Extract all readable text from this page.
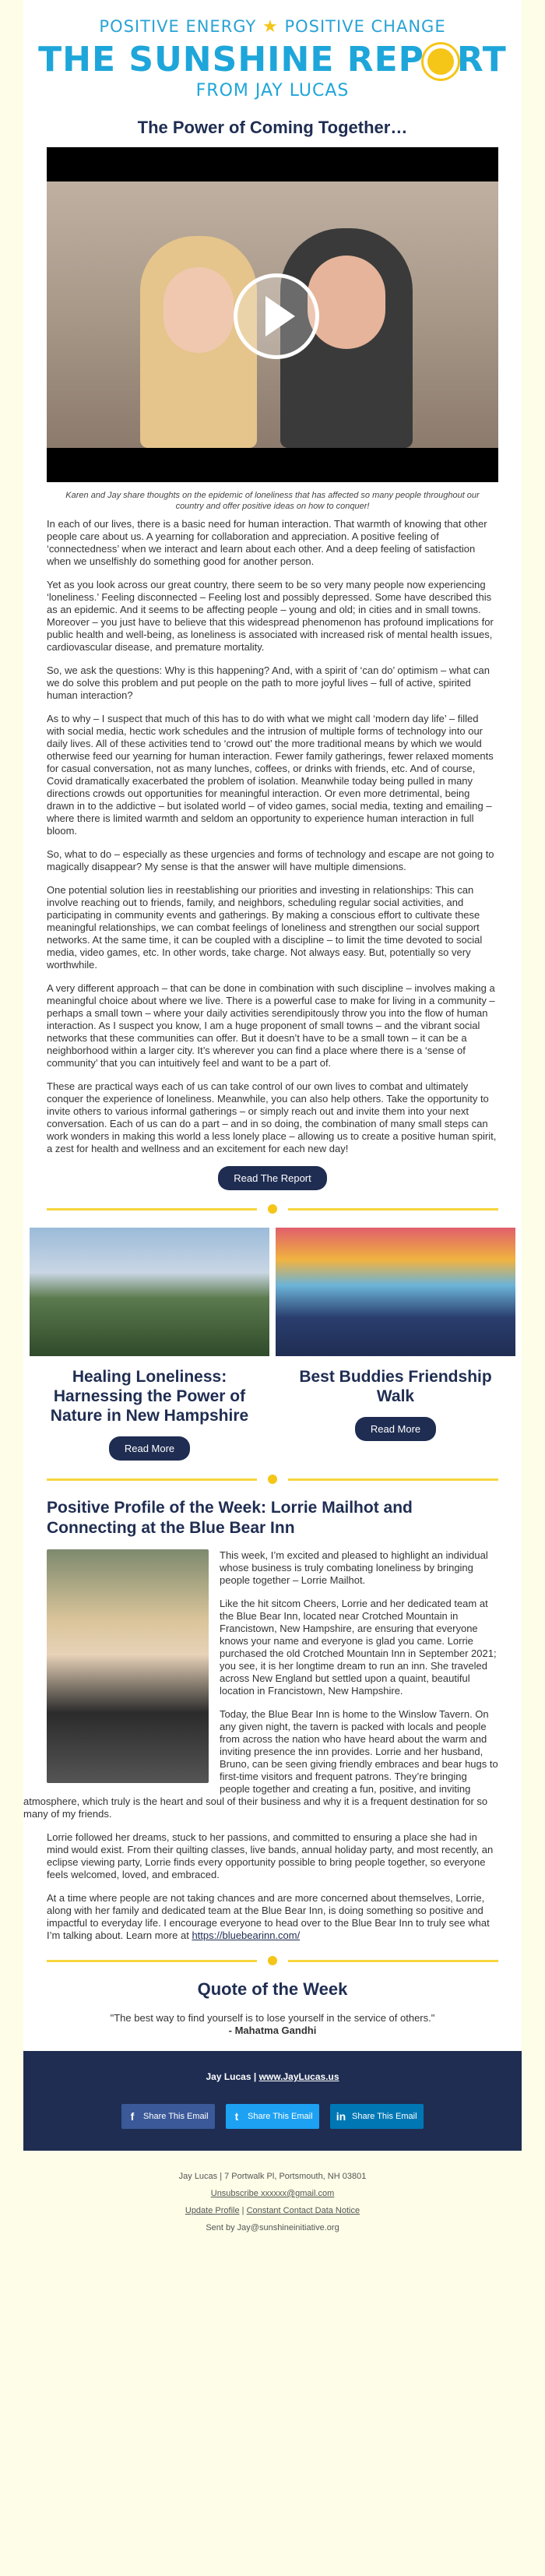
POSITIVE ENERGY ★ POSITIVE CHANGE
THE SUNSHINE REP RT
FROM JAY LUCAS
The Power of Coming Together…
Karen and Jay share thoughts on the epidemic of loneliness that has affected so many people throughout our country and offer positive ideas on how to conquer!

In each of our lives, there is a basic need for human interaction. That warmth of knowing that other people care about us. A yearning for collaboration and appreciation. A positive feeling of ‘connectedness’ when we interact and learn about each other. And a deep feeling of satisfaction when we unselfishly do something good for another person.

Yet as you look across our great country, there seem to be so very many people now experiencing ‘loneliness.’ Feeling disconnected – Feeling lost and possibly depressed. Some have described this as an epidemic. And it seems to be affecting people – young and old; in cities and in small towns. Moreover – you just have to believe that this widespread phenomenon has profound implications for public health and well-being, as loneliness is associated with increased risk of mental health issues, cardiovascular disease, and premature mortality.

So, we ask the questions: Why is this happening? And, with a spirit of ‘can do’ optimism – what can we do solve this problem and put people on the path to more joyful lives – full of active, spirited human interaction?

As to why – I suspect that much of this has to do with what we might call ‘modern day life’ – filled with social media, hectic work schedules and the intrusion of multiple forms of technology into our daily lives. All of these activities tend to ‘crowd out’ the more traditional means by which we would otherwise feed our yearning for human interaction. Fewer family gatherings, fewer relaxed moments for casual conversation, not as many lunches, coffees, or drinks with friends, etc. And of course, Covid dramatically exacerbated the problem of isolation. Meanwhile today being pulled in many directions crowds out opportunities for meaningful interaction. Or even more detrimental, being drawn in to the addictive – but isolated world – of video games, social media, texting and emailing – where there is limited warmth and seldom an opportunity to experience human interaction in full bloom.

So, what to do – especially as these urgencies and forms of technology and escape are not going to magically disappear? My sense is that the answer will have multiple dimensions.

One potential solution lies in reestablishing our priorities and investing in relationships: This can involve reaching out to friends, family, and neighbors, scheduling regular social activities, and participating in community events and gatherings. By making a conscious effort to cultivate these meaningful relationships, we can combat feelings of loneliness and strengthen our social support networks. At the same time, it can be coupled with a discipline – to limit the time devoted to social media, video games, etc. In other words, take charge. Not always easy. But, potentially so very worthwhile.

A very different approach – that can be done in combination with such discipline – involves making a meaningful choice about where we live. There is a powerful case to make for living in a community – perhaps a small town – where your daily activities serendipitously throw you into the flow of human interaction. As I suspect you know, I am a huge proponent of small towns – and the vibrant social networks that these communities can offer. But it doesn’t have to be a small town – it can be a neighborhood within a larger city. It’s wherever you can find a place where there is a ‘sense of community’ that you can intuitively feel and want to be a part of.

These are practical ways each of us can take control of our own lives to combat and ultimately conquer the experience of loneliness. Meanwhile, you can also help others. Take the opportunity to invite others to various informal gatherings – or simply reach out and invite them into your next conversation. Each of us can do a part – and in so doing, the combination of many small steps can work wonders in making this world a less lonely place – allowing us to create a positive human spirit, a zest for health and wellness and an excitement for each new day!

Read The Report
Healing Loneliness: Harnessing the Power of Nature in New Hampshire
Read More
Best Buddies Friendship Walk
Read More
Positive Profile of the Week: Lorrie Mailhot and Connecting at the Blue Bear Inn

This week, I’m excited and pleased to highlight an individual whose business is truly combating loneliness by bringing people together – Lorrie Mailhot.

Like the hit sitcom Cheers, Lorrie and her dedicated team at the Blue Bear Inn, located near Crotched Mountain in Francistown, New Hampshire, are ensuring that everyone knows your name and everyone is glad you came. Lorrie purchased the old Crotched Mountain Inn in September 2021; you see, it is her longtime dream to run an inn. She traveled across New England but settled upon a quaint, beautiful location in Francistown, New Hampshire.

Today, the Blue Bear Inn is home to the Winslow Tavern. On any given night, the tavern is packed with locals and people from across the nation who have heard about the warm and inviting presence the inn provides. Lorrie and her husband, Bruno, can be seen giving friendly embraces and bear hugs to first-time visitors and frequent patrons. They’re bringing people together and creating a fun, positive, and inviting atmosphere, which truly is the heart and soul of their business and why it is a frequent destination for so many of my friends.

Lorrie followed her dreams, stuck to her passions, and committed to ensuring a place she had in mind would exist. From their quilting classes, live bands, annual holiday party, and most recently, an eclipse viewing party, Lorrie finds every opportunity possible to bring people together, so everyone feels welcomed, loved, and embraced.

At a time where people are not taking chances and are more concerned about themselves, Lorrie, along with her family and dedicated team at the Blue Bear Inn, is doing something so positive and impactful to everyday life. I encourage everyone to head over to the Blue Bear Inn to truly see what I’m talking about. Learn more at https://bluebearinn.com/

Quote of the Week
"The best way to find yourself is to lose yourself in the service of others."
- Mahatma Gandhi
Jay Lucas | www.JayLucas.us
f	Share This Email	t	Share This Email	in Share This Email
Jay Lucas | 7 Portwalk Pl, Portsmouth, NH 03801
Unsubscribe xxxxxx@gmail.com
Update Profile | Constant Contact Data Notice
Sent by Jay@sunshineinitiative.org
